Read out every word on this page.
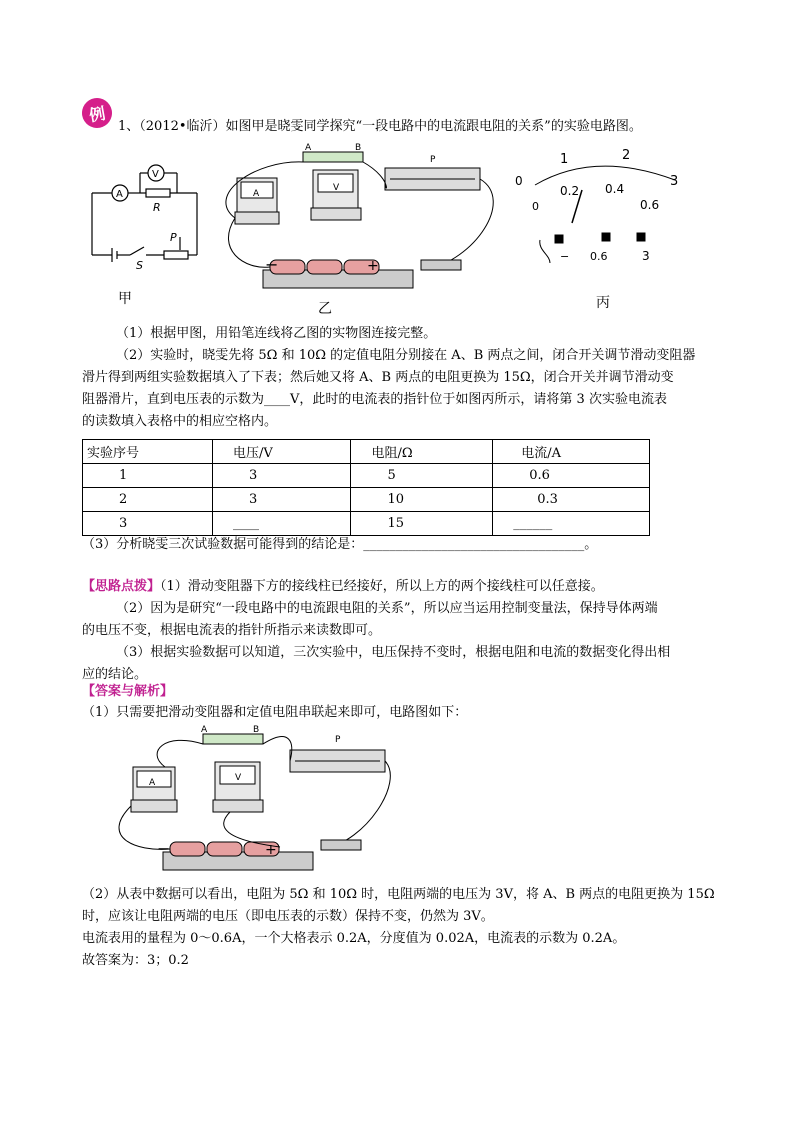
例
1、（2012•临沂）如图甲是晓雯同学探究“一段电路中的电流跟电阻的关系”的实验电路图。
A
V
R
P
S
甲
A	B
P
A
V
−	+
乙
0
1	2
3
0
0.2 0.4
0.6
− 0.6	3
丙
（1）根据甲图，用铅笔连线将乙图的实物图连接完整。
（2）实验时，晓雯先将 5Ω 和 10Ω 的定值电阻分别接在 A、B 两点之间，闭合开关调节滑动变阻器
滑片得到两组实验数据填入了下表；然后她又将 A、B 两点的电阻更换为 15Ω，闭合开关并调节滑动变
阻器滑片，直到电压表的示数为____V，此时的电流表的指针位于如图丙所示，请将第 3 次实验电流表
的读数填入表格中的相应空格内。
实验序号	电压/V	电阻/Ω	电流/A
1	3	5	0.6
2	3	10	0.3
3	____	15	______
（3）分析晓雯三次试验数据可能得到的结论是：__________________________________。
【思路点拨】（1）滑动变阻器下方的接线柱已经接好，所以上方的两个接线柱可以任意接。
（2）因为是研究“一段电路中的电流跟电阻的关系”，所以应当运用控制变量法，保持导体两端
的电压不变，根据电流表的指针所指示来读数即可。
（3）根据实验数据可以知道，三次实验中，电压保持不变时，根据电阻和电流的数据变化得出相
应的结论。
【答案与解析】
（1）只需要把滑动变阻器和定值电阻串联起来即可，电路图如下：
A	B
P
A	V
−	+
（2）从表中数据可以看出，电阻为 5Ω 和 10Ω 时，电阻两端的电压为 3V，将 A、B 两点的电阻更换为 15Ω
时，应该让电阻两端的电压（即电压表的示数）保持不变，仍然为 3V。
电流表用的量程为 0～0.6A，一个大格表示 0.2A，分度值为 0.02A，电流表的示数为 0.2A。
故答案为：3；0.2
